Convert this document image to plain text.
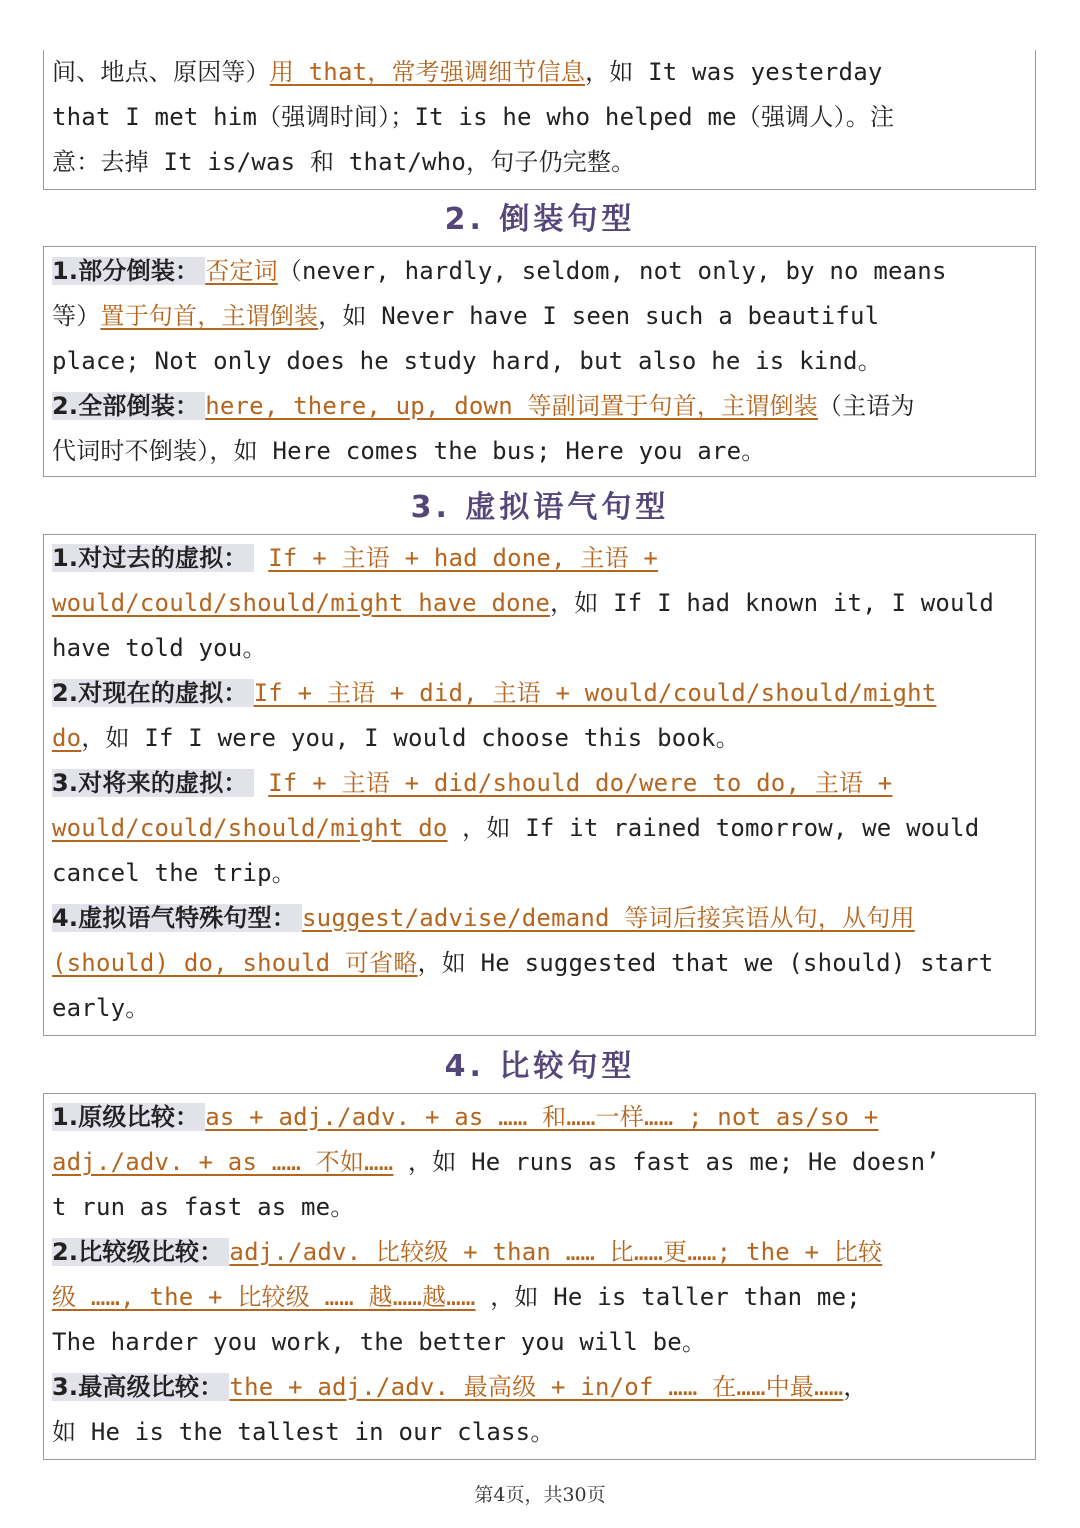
间、地点、原因等）用 that，常考强调细节信息，如 It was yesterday
that I met him（强调时间）；It is he who helped me（强调人）。注
意：去掉 It is/was 和 that/who，句子仍完整。
2. 倒装句型
1.部分倒装： 否定词（never, hardly, seldom, not only, by no means
等）置于句首，主谓倒装，如 Never have I seen such a beautiful
place; Not only does he study hard, but also he is kind。
2.全部倒装： here, there, up, down 等副词置于句首，主谓倒装（主语为
代词时不倒装），如 Here comes the bus; Here you are。
3. 虚拟语气句型
1.对过去的虚拟： If + 主语 + had done, 主语 +
would/could/should/might have done，如 If I had known it, I would
have told you。
2.对现在的虚拟： If + 主语 + did, 主语 + would/could/should/might
do，如 If I were you, I would choose this book。
3.对将来的虚拟： If + 主语 + did/should do/were to do, 主语 +
would/could/should/might do ，如 If it rained tomorrow, we would
cancel the trip。
4.虚拟语气特殊句型： suggest/advise/demand 等词后接宾语从句，从句用
(should) do, should 可省略，如 He suggested that we (should) start
early。
4. 比较句型
1.原级比较： as + adj./adv. + as …… 和……一样…… ; not as/so +
adj./adv. + as …… 不如…… ，如 He runs as fast as me; He doesn’
t run as fast as me。
2.比较级比较： adj./adv. 比较级 + than …… 比……更……; the + 比较
级 ……, the + 比较级 …… 越……越…… ，如 He is taller than me;
The harder you work, the better you will be。
3.最高级比较： the + adj./adv. 最高级 + in/of …… 在……中最……，
如 He is the tallest in our class。
第4页，共30页
